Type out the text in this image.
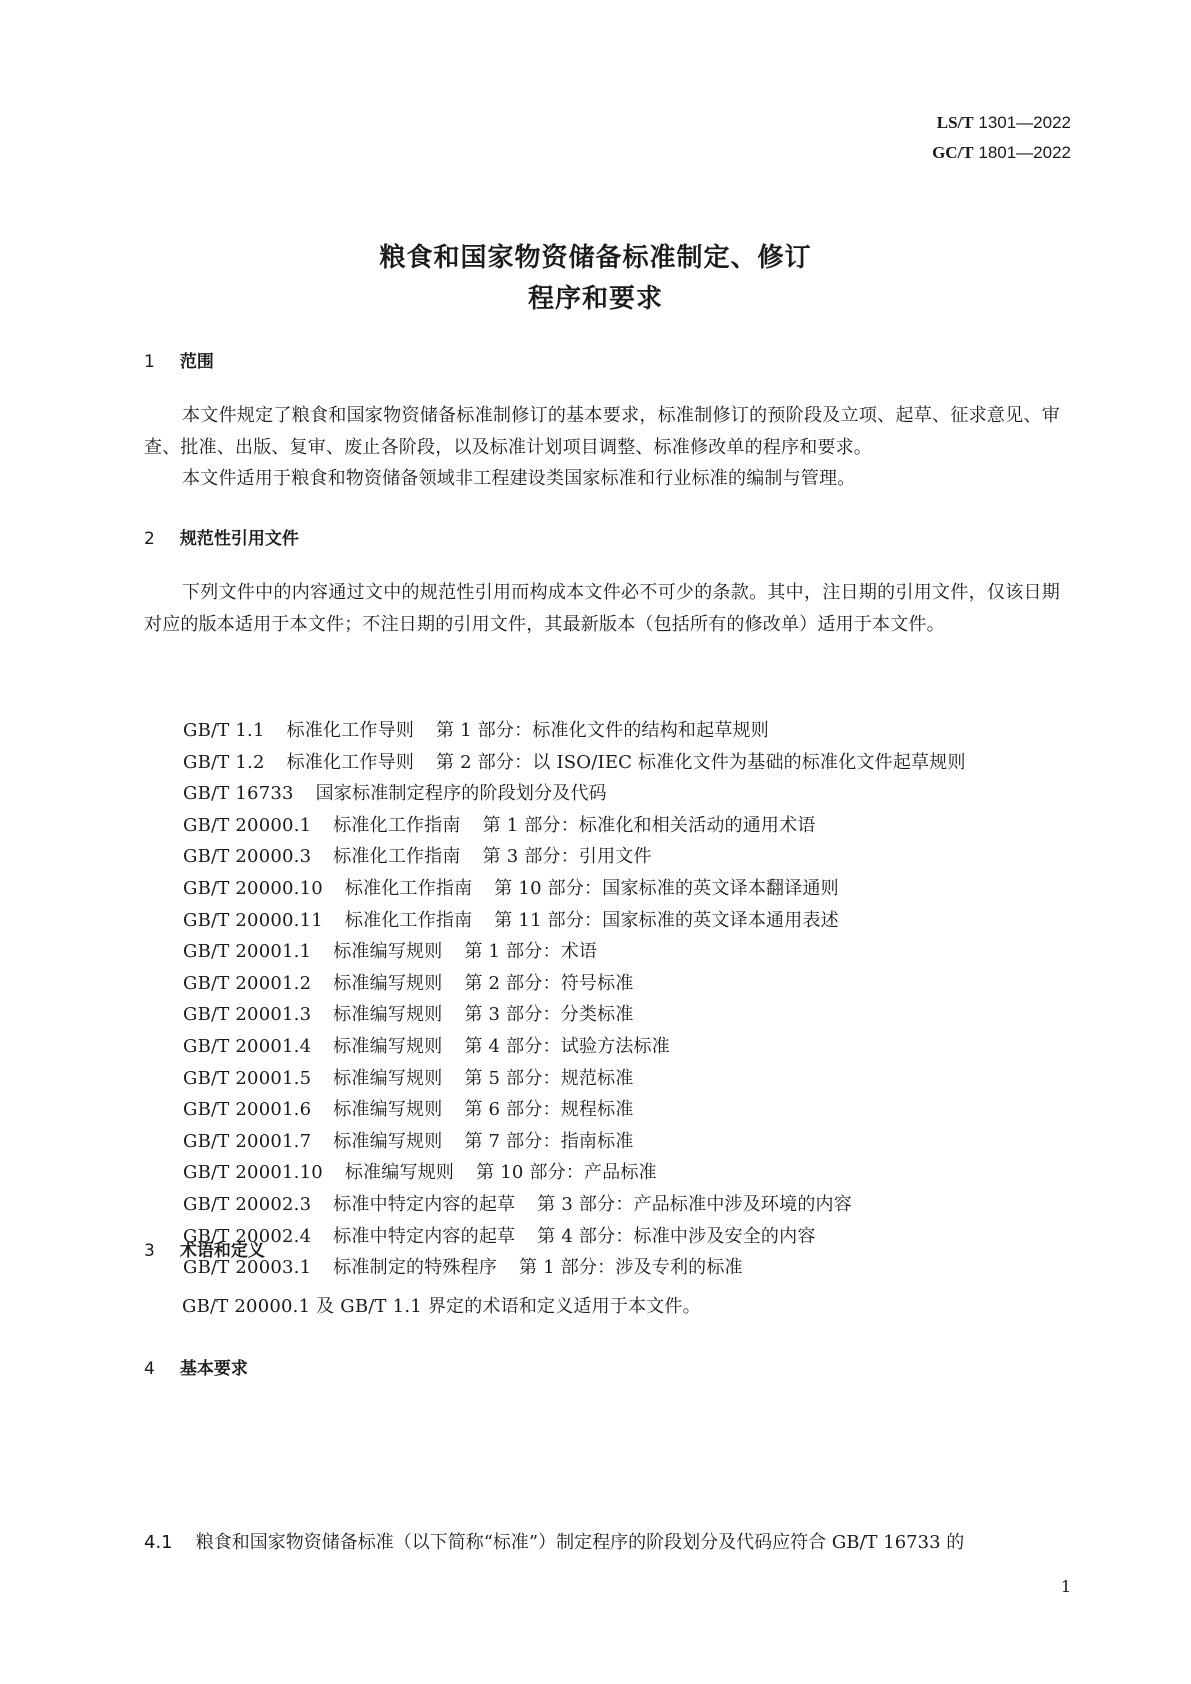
LS/T 1301—2022
GC/T 1801—2022
粮食和国家物资储备标准制定、修订
程序和要求
1 范围
本文件规定了粮食和国家物资储备标准制修订的基本要求，标准制修订的预阶段及立项、起草、征求意见、审查、批准、出版、复审、废止各阶段，以及标准计划项目调整、标准修改单的程序和要求。
本文件适用于粮食和物资储备领域非工程建设类国家标准和行业标准的编制与管理。
2 规范性引用文件
下列文件中的内容通过文中的规范性引用而构成本文件必不可少的条款。其中，注日期的引用文件，仅该日期对应的版本适用于本文件；不注日期的引用文件，其最新版本（包括所有的修改单）适用于本文件。
GB/T 1.1 标准化工作导则 第 1 部分：标准化文件的结构和起草规则
GB/T 1.2 标准化工作导则 第 2 部分：以 ISO/IEC 标准化文件为基础的标准化文件起草规则
GB/T 16733 国家标准制定程序的阶段划分及代码
GB/T 20000.1 标准化工作指南 第 1 部分：标准化和相关活动的通用术语
GB/T 20000.3 标准化工作指南 第 3 部分：引用文件
GB/T 20000.10 标准化工作指南 第 10 部分：国家标准的英文译本翻译通则
GB/T 20000.11 标准化工作指南 第 11 部分：国家标准的英文译本通用表述
GB/T 20001.1 标准编写规则 第 1 部分：术语
GB/T 20001.2 标准编写规则 第 2 部分：符号标准
GB/T 20001.3 标准编写规则 第 3 部分：分类标准
GB/T 20001.4 标准编写规则 第 4 部分：试验方法标准
GB/T 20001.5 标准编写规则 第 5 部分：规范标准
GB/T 20001.6 标准编写规则 第 6 部分：规程标准
GB/T 20001.7 标准编写规则 第 7 部分：指南标准
GB/T 20001.10 标准编写规则 第 10 部分：产品标准
GB/T 20002.3 标准中特定内容的起草 第 3 部分：产品标准中涉及环境的内容
GB/T 20002.4 标准中特定内容的起草 第 4 部分：标准中涉及安全的内容
GB/T 20003.1 标准制定的特殊程序 第 1 部分：涉及专利的标准
3 术语和定义
GB/T 20000.1 及 GB/T 1.1 界定的术语和定义适用于本文件。
4 基本要求
4.1 粮食和国家物资储备标准（以下简称“标准”）制定程序的阶段划分及代码应符合 GB/T 16733 的
1
